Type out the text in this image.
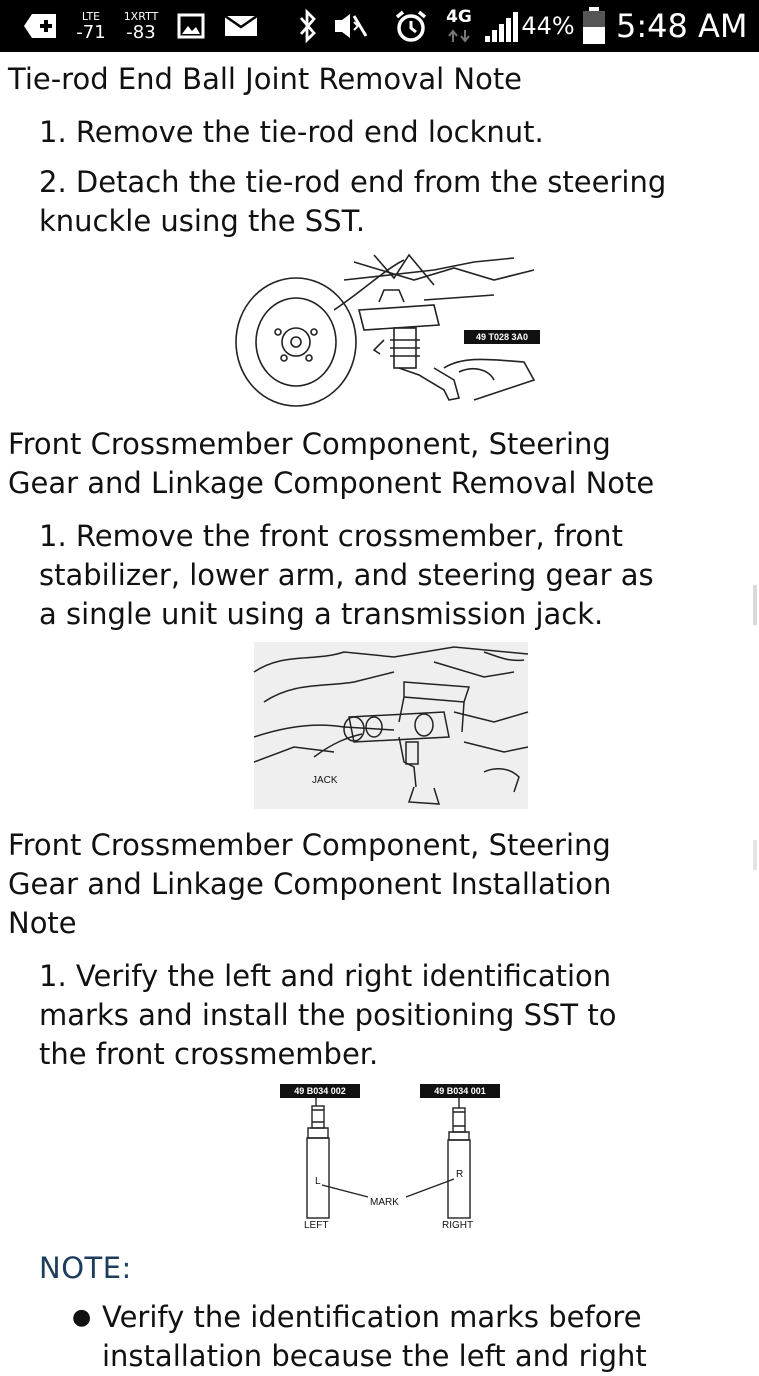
LTE
-71
1XRTT
-83
4G 44% 5:48 AM
Tie-rod End Ball Joint Removal Note
1. Remove the tie-rod end locknut.
2. Detach the tie-rod end from the steering
knuckle using the SST.
49 T028 3A0
Front Crossmember Component, Steering
Gear and Linkage Component Removal Note
1. Remove the front crossmember, front
stabilizer, lower arm, and steering gear as
a single unit using a transmission jack.
JACK
Front Crossmember Component, Steering
Gear and Linkage Component Installation
Note
1. Verify the left and right identification
marks and install the positioning SST to
the front crossmember.
49 B034 002	49 B034 001
L
R
MARK
LEFT	RIGHT
NOTE:
● Verify the identification marks before
installation because the left and right
